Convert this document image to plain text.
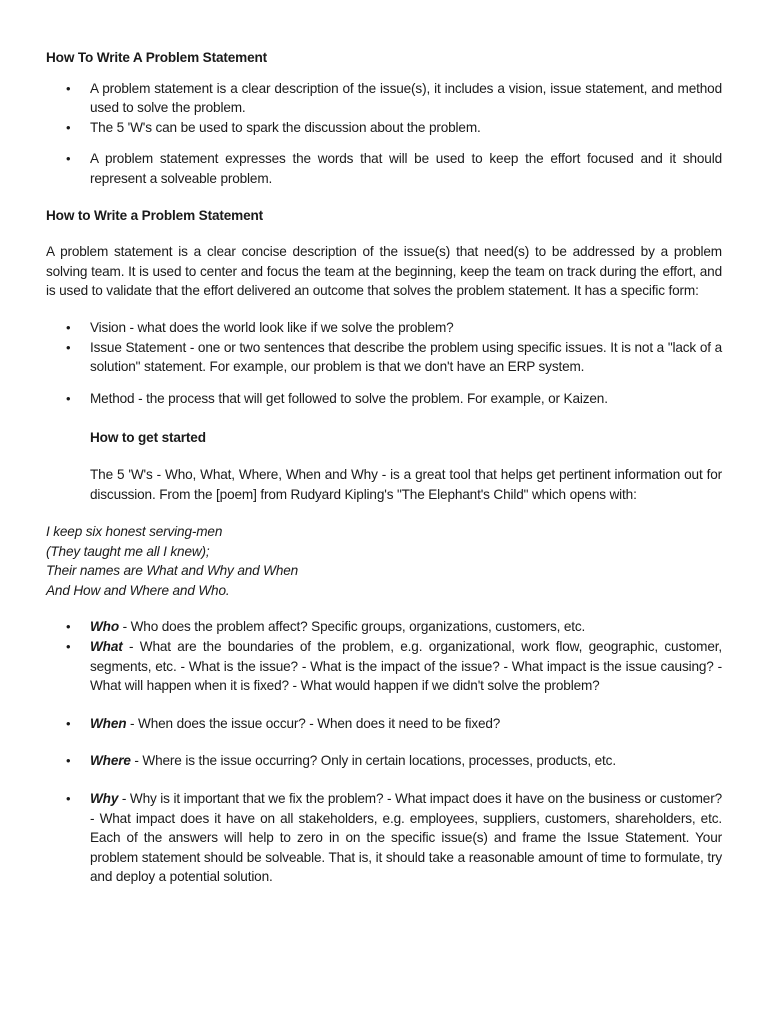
How To Write A Problem Statement
• A problem statement is a clear description of the issue(s), it includes a vision, issue statement, and method used to solve the problem.
• The 5 'W's can be used to spark the discussion about the problem.
• A problem statement expresses the words that will be used to keep the effort focused and it should represent a solveable problem.
How to Write a Problem Statement

A problem statement is a clear concise description of the issue(s) that need(s) to be addressed by a problem solving team. It is used to center and focus the team at the beginning, keep the team on track during the effort, and is used to validate that the effort delivered an outcome that solves the problem statement. It has a specific form:

• Vision - what does the world look like if we solve the problem?
• Issue Statement - one or two sentences that describe the problem using specific issues. It is not a "lack of a solution" statement. For example, our problem is that we don't have an ERP system.
• Method - the process that will get followed to solve the problem. For example, or Kaizen.
How to get started

The 5 'W's - Who, What, Where, When and Why - is a great tool that helps get pertinent information out for discussion. From the [poem] from Rudyard Kipling's "The Elephant's Child" which opens with:

I keep six honest serving-men

(They taught me all I knew);

Their names are What and Why and When

And How and Where and Who.

• Who - Who does the problem affect? Specific groups, organizations, customers, etc.
• What - What are the boundaries of the problem, e.g. organizational, work flow, geographic, customer, segments, etc. - What is the issue? - What is the impact of the issue? - What impact is the issue causing? - What will happen when it is fixed? - What would happen if we didn't solve the problem?
• When - When does the issue occur? - When does it need to be fixed?
• Where - Where is the issue occurring? Only in certain locations, processes, products, etc.
• Why - Why is it important that we fix the problem? - What impact does it have on the business or customer? - What impact does it have on all stakeholders, e.g. employees, suppliers, customers, shareholders, etc. Each of the answers will help to zero in on the specific issue(s) and frame the Issue Statement. Your problem statement should be solveable. That is, it should take a reasonable amount of time to formulate, try and deploy a potential solution.
